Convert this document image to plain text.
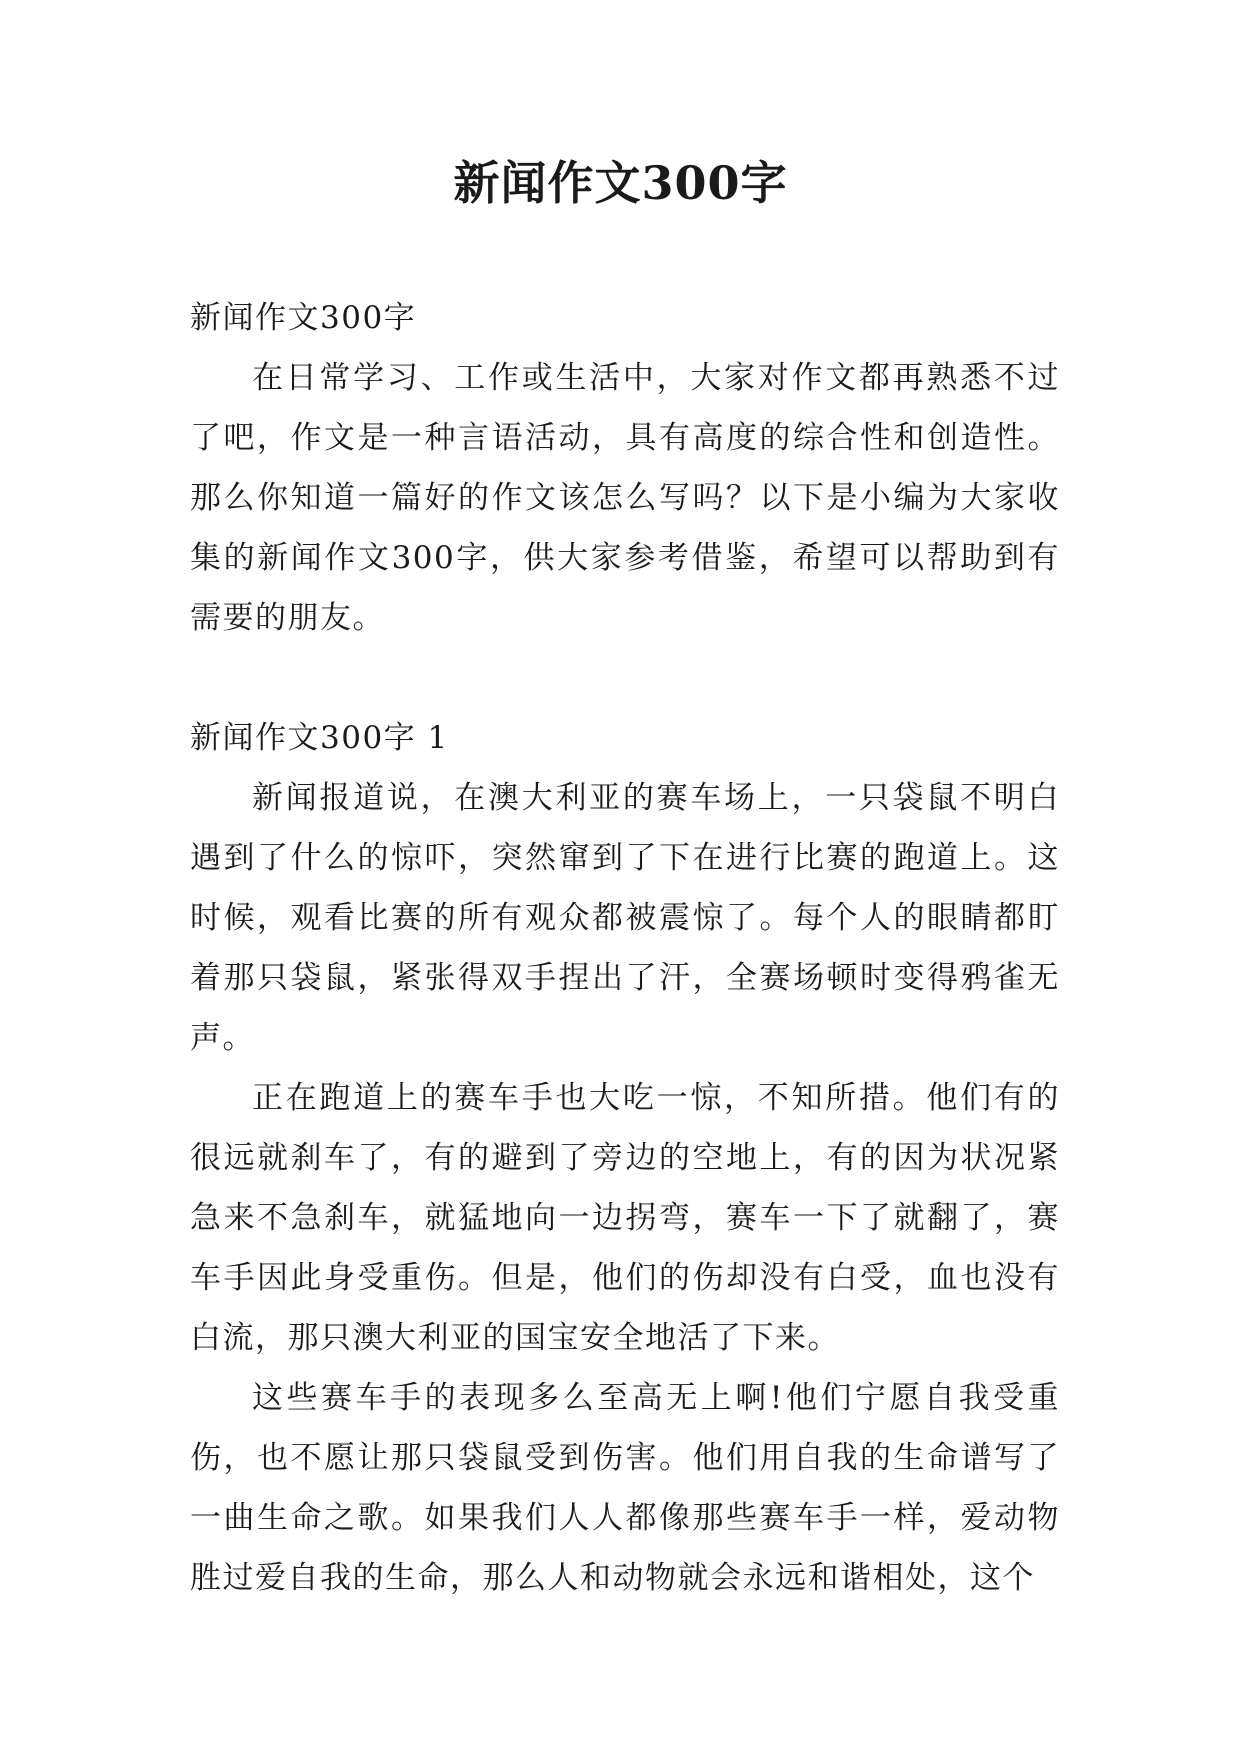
新闻作文300字

新闻作文300字

在日常学习、工作或生活中，大家对作文都再熟悉不过了吧，作文是一种言语活动，具有高度的综合性和创造性。那么你知道一篇好的作文该怎么写吗？以下是小编为大家收集的新闻作文300字，供大家参考借鉴，希望可以帮助到有需要的朋友。

新闻作文300字 1

新闻报道说，在澳大利亚的赛车场上，一只袋鼠不明白遇到了什么的惊吓，突然窜到了下在进行比赛的跑道上。这时候，观看比赛的所有观众都被震惊了。每个人的眼睛都盯着那只袋鼠，紧张得双手捏出了汗，全赛场顿时变得鸦雀无声。

正在跑道上的赛车手也大吃一惊，不知所措。他们有的很远就刹车了，有的避到了旁边的空地上，有的因为状况紧急来不急刹车，就猛地向一边拐弯，赛车一下了就翻了，赛车手因此身受重伤。但是，他们的伤却没有白受，血也没有白流，那只澳大利亚的国宝安全地活了下来。

这些赛车手的表现多么至高无上啊!他们宁愿自我受重伤，也不愿让那只袋鼠受到伤害。他们用自我的生命谱写了一曲生命之歌。如果我们人人都像那些赛车手一样，爱动物胜过爱自我的生命，那么人和动物就会永远和谐相处，这个
